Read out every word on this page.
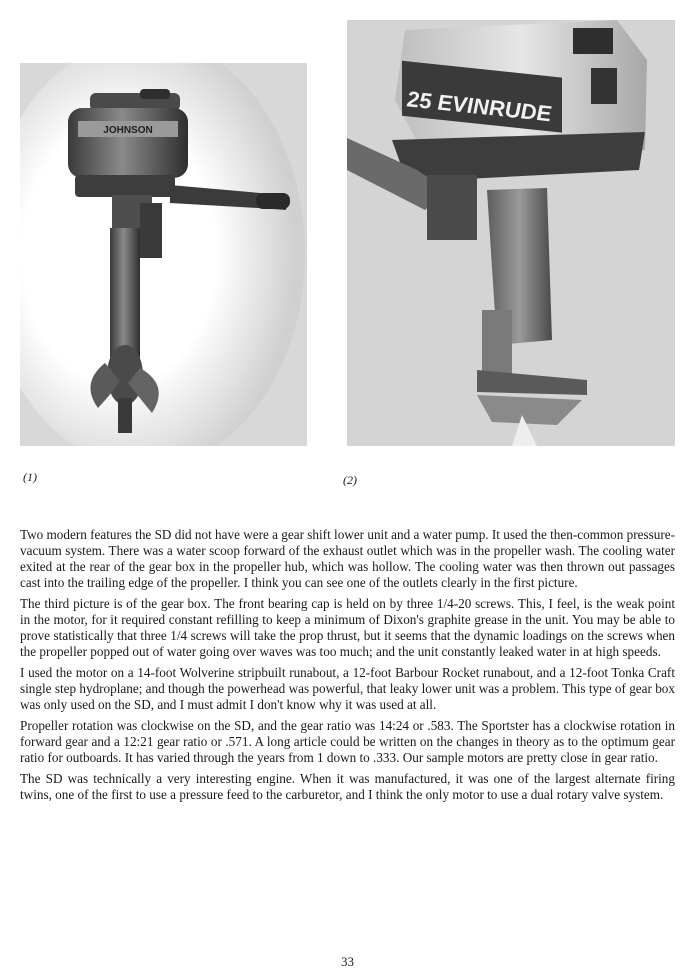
JOHNSON
25 EVINRUDE
(1)	(2)

Two modern features the SD did not have were a gear shift lower unit and a water pump. It used the then-common pressure-vacuum system. There was a water scoop forward of the exhaust outlet which was in the propeller wash. The cooling water exited at the rear of the gear box in the propeller hub, which was hollow. The cooling water was then thrown out passages cast into the trailing edge of the propeller. I think you can see one of the outlets clearly in the first picture.

The third picture is of the gear box. The front bearing cap is held on by three 1/4-20 screws. This, I feel, is the weak point in the motor, for it required constant refilling to keep a minimum of Dixon's graphite grease in the unit. You may be able to prove statistically that three 1/4 screws will take the prop thrust, but it seems that the dynamic loadings on the screws when the propeller popped out of water going over waves was too much; and the unit constantly leaked water in at high speeds.

I used the motor on a 14-foot Wolverine stripbuilt runabout, a 12-foot Barbour Rocket runabout, and a 12-foot Tonka Craft single step hydroplane; and though the powerhead was powerful, that leaky lower unit was a problem. This type of gear box was only used on the SD, and I must admit I don't know why it was used at all.

Propeller rotation was clockwise on the SD, and the gear ratio was 14:24 or .583. The Sportster has a clockwise rotation in forward gear and a 12:21 gear ratio or .571. A long article could be written on the changes in theory as to the optimum gear ratio for outboards. It has varied through the years from 1 down to .333. Our sample motors are pretty close in gear ratio.

The SD was technically a very interesting engine. When it was manufactured, it was one of the largest alternate firing twins, one of the first to use a pressure feed to the carburetor, and I think the only motor to use a dual rotary valve system.

33
